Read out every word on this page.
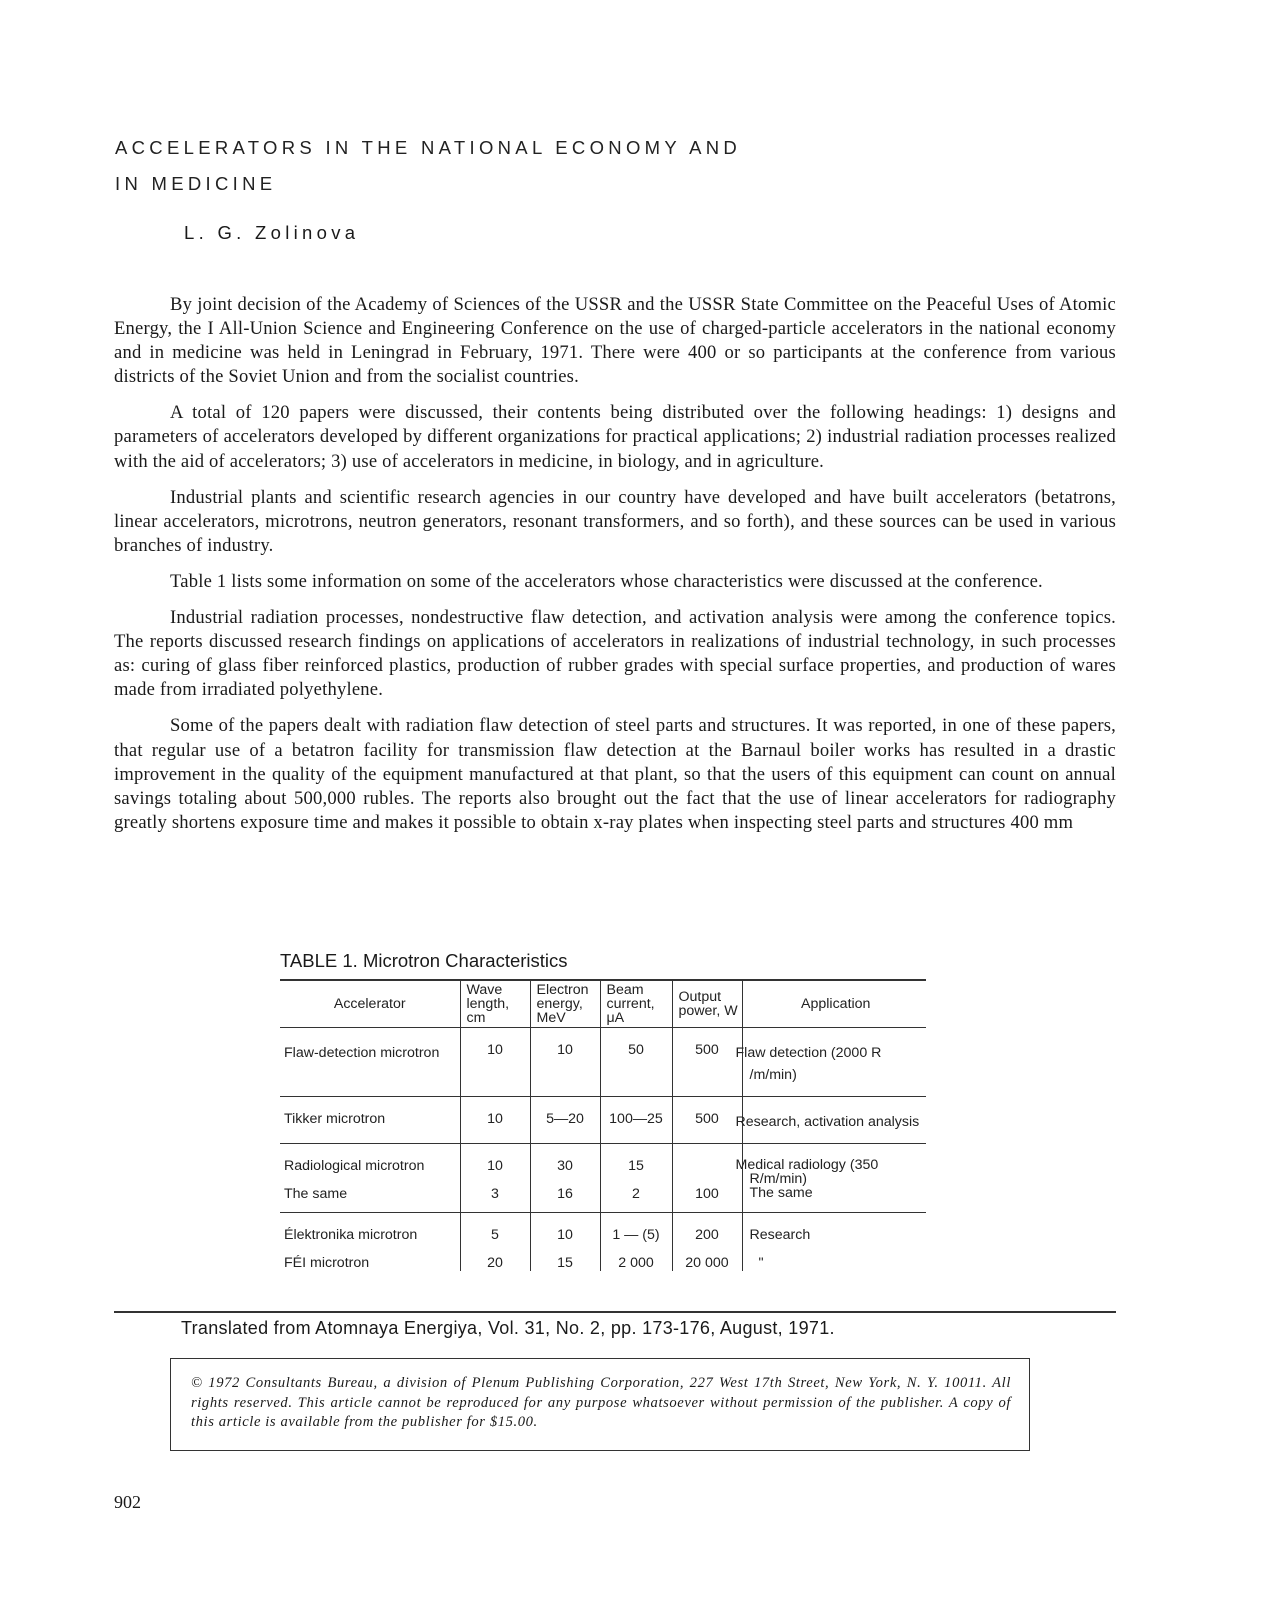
ACCELERATORS IN THE NATIONAL ECONOMY AND
IN MEDICINE
L. G. Zolinova

By joint decision of the Academy of Sciences of the USSR and the USSR State Committee on the Peaceful Uses of Atomic Energy, the I All-Union Science and Engineering Conference on the use of charged-particle accelerators in the national economy and in medicine was held in Leningrad in February, 1971. There were 400 or so participants at the conference from various districts of the Soviet Union and from the socialist countries.

A total of 120 papers were discussed, their contents being distributed over the following headings: 1) designs and parameters of accelerators developed by different organizations for practical applications; 2) industrial radiation processes realized with the aid of accelerators; 3) use of accelerators in medicine, in biology, and in agriculture.

Industrial plants and scientific research agencies in our country have developed and have built accelerators (betatrons, linear accelerators, microtrons, neutron generators, resonant transformers, and so forth), and these sources can be used in various branches of industry.

Table 1 lists some information on some of the accelerators whose characteristics were discussed at the conference.

Industrial radiation processes, nondestructive flaw detection, and activation analysis were among the conference topics. The reports discussed research findings on applications of accelerators in realizations of industrial technology, in such processes as: curing of glass fiber reinforced plastics, production of rubber grades with special surface properties, and production of wares made from irradiated polyethylene.

Some of the papers dealt with radiation flaw detection of steel parts and structures. It was reported, in one of these papers, that regular use of a betatron facility for transmission flaw detection at the Barnaul boiler works has resulted in a drastic improvement in the quality of the equipment manufactured at that plant, so that the users of this equipment can count on annual savings totaling about 500,000 rubles. The reports also brought out the fact that the use of linear accelerators for radiography greatly shortens exposure time and makes it possible to obtain x-ray plates when inspecting steel parts and structures 400 mm

TABLE 1. Microtron Characteristics
Accelerator	Wave length, cm	Electron energy, MeV	Beam current, μA	Output power, W	Application
Flaw-detection microtron	10	10	50	500	Flaw detection (2000 R /m/min)
Tikker microtron	10	5—20	100—25	500	Research, activation analysis
Radiological microtron	10	30	15		Medical radiology (350 R/m/min)
The same	3	16	2	100	The same
Élektronika microtron	5	10	1 — (5)	200	Research
FÉI microtron	20	15	2 000	20 000	"
Translated from Atomnaya Energiya, Vol. 31, No. 2, pp. 173-176, August, 1971.
© 1972 Consultants Bureau, a division of Plenum Publishing Corporation, 227 West 17th Street, New York, N. Y. 10011. All rights reserved. This article cannot be reproduced for any purpose whatsoever without permission of the publisher. A copy of this article is available from the publisher for $15.00.
902
